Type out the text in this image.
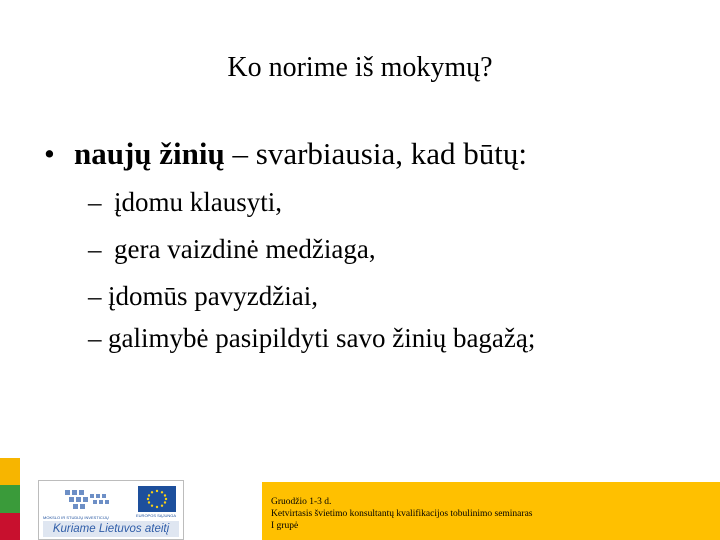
Ko norime iš mokymų?
• naujų žinių – svarbiausia, kad būtų:
– įdomu klausyti,
– gera vaizdinė medžiaga,
– įdomūs pavyzdžiai,
– galimybė pasipildyti savo žinių bagažą;
MOKSLO IR STUDIJŲ INVESTICIJŲ	EUROPOS SĄJUNGA
Kuriame Lietuvos ateitį
Gruodžio 1-3 d.
Ketvirtasis švietimo konsultantų kvalifikacijos tobulinimo seminaras
I grupė
